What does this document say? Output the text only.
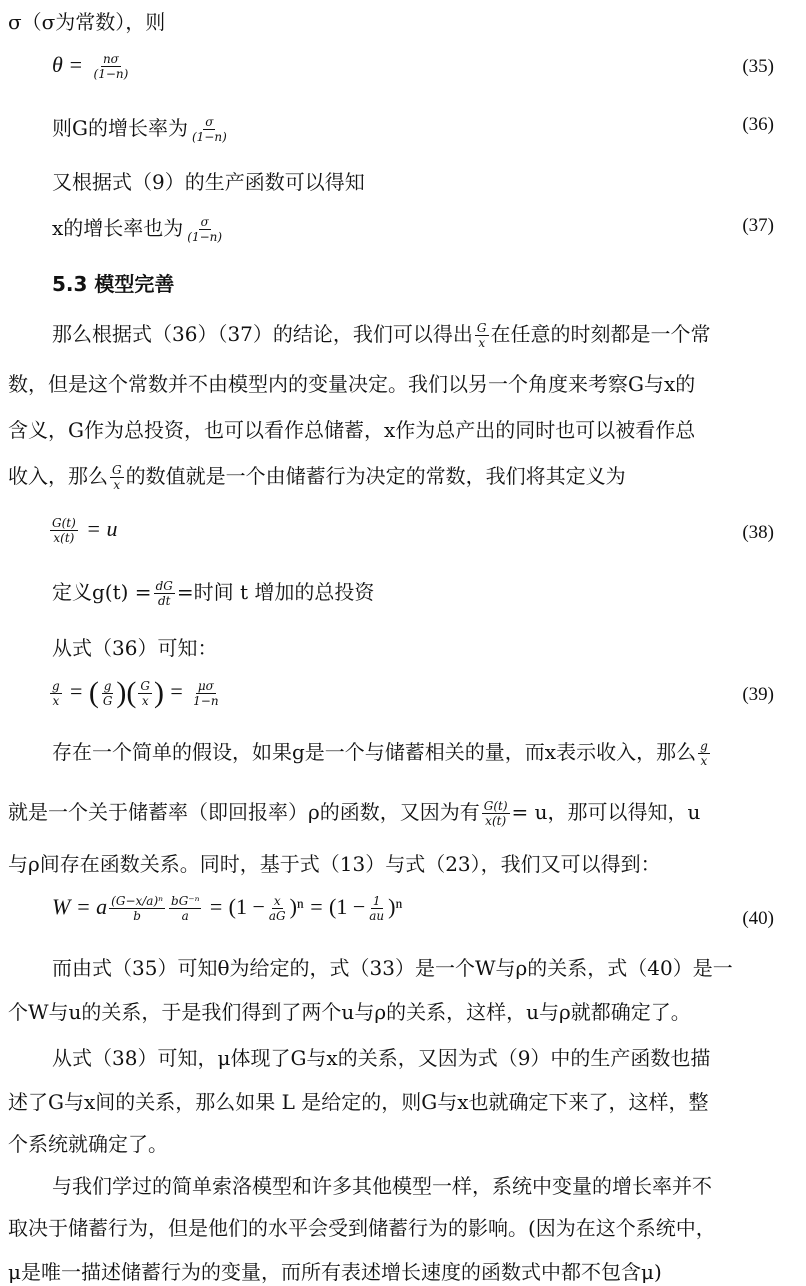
σ（σ为常数），则
$\theta = \frac{n\sigma}{(1-n)}$	(35)
则G的增长率为 $\frac{\sigma}{(1-n)}$	(36)
又根据式（9）的生产函数可以得知
x的增长率也为 $\frac{\sigma}{(1-n)}$	(37)
5.3 模型完善
那么根据式（36）（37）的结论，我们可以得出 $\frac{G}{x}$ 在任意的时刻都是一个常
数，但是这个常数并不由模型内的变量决定。我们以另一个角度来考察G与x的
含义，G作为总投资，也可以看作总储蓄，x作为总产出的同时也可以被看作总
收入，那么 $\frac{G}{x}$ 的数值就是一个由储蓄行为决定的常数，我们将其定义为
$\frac{G(t)}{x(t)} = u$	(38)
定义$g(t) = \frac{dG}{dt}$ =时间 t 增加的总投资
从式（36）可知：
$\frac{g}{x}$ = ( $\frac{g}{G}$ )( $\frac{G}{x}$ ) = $\frac{\mu\sigma}{1-n}$	(39)
存在一个简单的假设，如果g是一个与储蓄相关的量，而x表示收入，那么 $\frac{g}{x}$
就是一个关于储蓄率（即回报率）ρ的函数，又因为有 $\frac{G(t)}{x(t)} = u$，那可以得知，u
与ρ间存在函数关系。同时，基于式（13）与式（23），我们又可以得到：
W = a $\frac{\text{(G−x/a)ⁿ}}{b} \frac{\text{bG⁻ⁿ}}{a} = (1 - \frac{x}{aG} )^n = (1 - \frac{1}{au} )^n$	(40)
而由式（35）可知θ为给定的，式（33）是一个W与ρ的关系，式（40）是一
个W与u的关系，于是我们得到了两个u与ρ的关系，这样，u与ρ就都确定了。
从式（38）可知，μ体现了G与x的关系，又因为式（9）中的生产函数也描
述了G与x间的关系，那么如果 L 是给定的，则G与x也就确定下来了，这样，整
个系统就确定了。
与我们学过的简单索洛模型和许多其他模型一样，系统中变量的增长率并不
取决于储蓄行为，但是他们的水平会受到储蓄行为的影响。(因为在这个系统中，
μ是唯一描述储蓄行为的变量，而所有表述增长速度的函数式中都不包含μ)
